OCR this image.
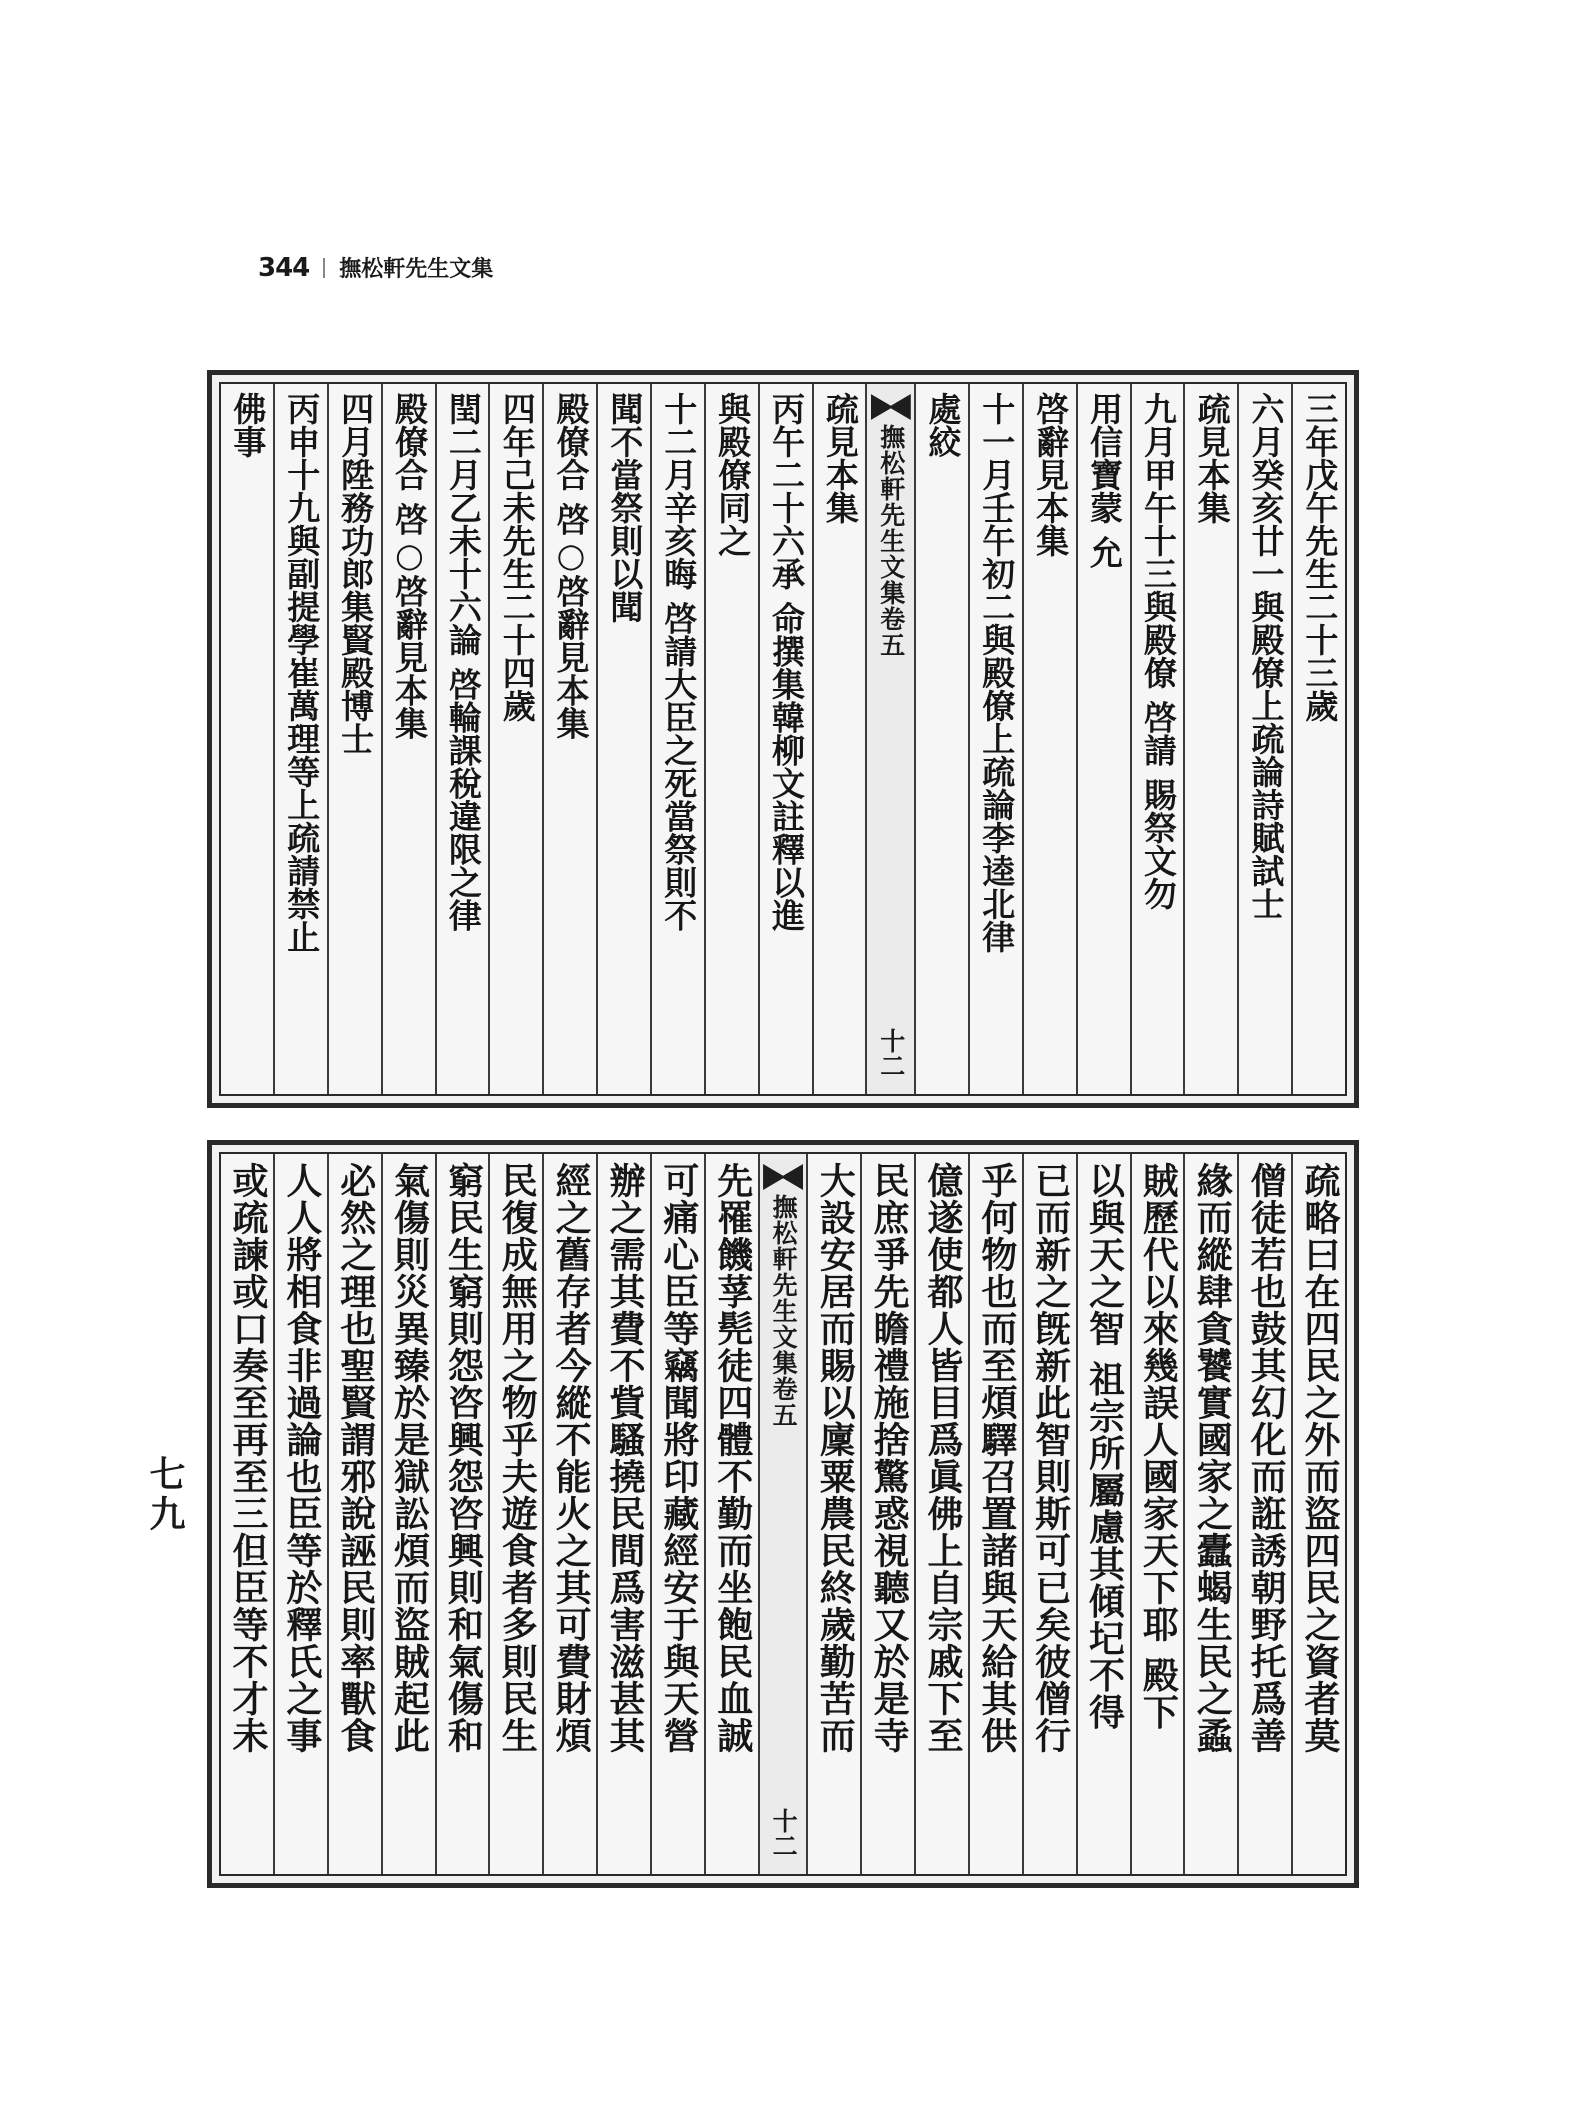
344 撫松軒先生文集
三年戊午先生二十三歲
六月癸亥廿一與殿僚上疏論詩賦試士
疏見本集
九月甲午十三與殿僚 啓請 賜祭文勿
用信寶蒙 允
啓辭見本集
十一月壬午初二與殿僚上疏論李逵北律
處絞
撫松軒先生文集卷五
十二
疏見本集
丙午二十六承 命撰集韓柳文註釋以進
與殿僚同之
十二月辛亥晦 啓請大臣之死當祭則不
聞不當祭則以聞
殿僚合 啓○啓辭見本集
四年己未先生二十四歲
閏二月乙未十六論 啓輪課稅違限之律
殿僚合 啓○啓辭見本集
四月陞務功郎集賢殿博士
丙申十九與副提學崔萬理等上疏請禁止
佛事
疏略曰在四民之外而盜四民之資者莫
僧徒若也鼓其幻化而誑誘朝野托爲善
緣而縱肆貪饕實國家之蠹蝎生民之蟊
賊歷代以來幾誤人國家天下耶 殿下
以與天之智 祖宗所屬慮其傾圮不得
已而新之旣新此智則斯可已矣彼僧行
乎何物也而至煩驛召置諸與天給其供
億遂使都人皆目爲眞佛上自宗戚下至
民庶爭先瞻禮施捨驚惑視聽又於是寺
大設安居而賜以廩粟農民終歲勤苦而
撫松軒先生文集卷五
十二
先罹饑莩髡徒四體不勤而坐飽民血誠
可痛心臣等竊聞將印藏經安于與天營
辦之需其費不貲騷撓民間爲害滋甚其
經之舊存者今縱不能火之其可費財煩
民復成無用之物乎夫遊食者多則民生
窮民生窮則怨咨興怨咨興則和氣傷和
氣傷則災異臻於是獄訟煩而盜賊起此
必然之理也聖賢謂邪說誣民則率獸食
人人將相食非過論也臣等於釋氏之事
或疏諫或口奏至再至三但臣等不才未
七九
